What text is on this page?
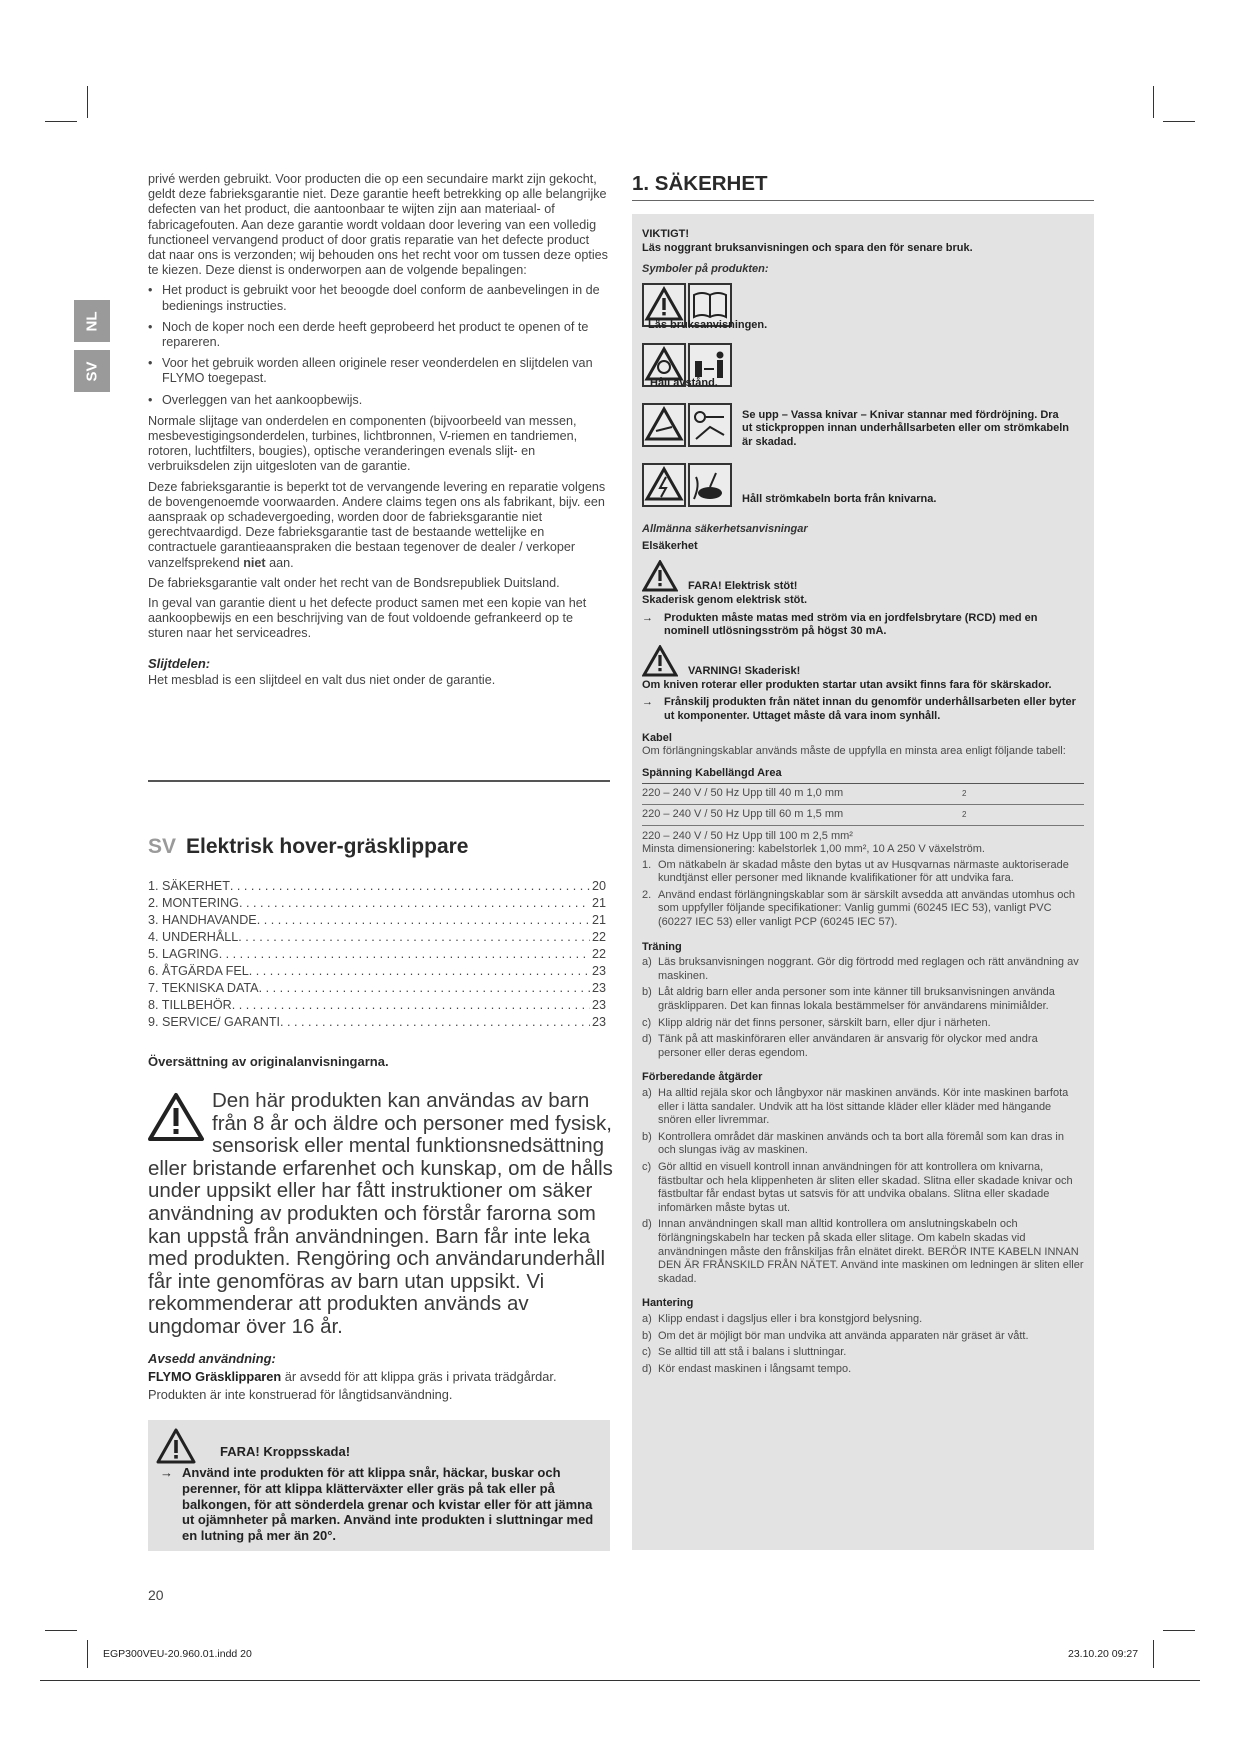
NL
SV

privé werden gebruikt. Voor producten die op een secundaire markt zijn gekocht, geldt deze fabrieksgarantie niet. Deze garantie heeft betrekking op alle belangrijke defecten van het product, die aantoonbaar te wijten zijn aan materiaal- of fabricagefouten. Aan deze garantie wordt voldaan door levering van een volledig functioneel vervangend product of door gratis reparatie van het defecte product dat naar ons is verzonden; wij behouden ons het recht voor om tussen deze opties te kiezen. Deze dienst is onderworpen aan de volgende bepalingen:

• Het product is gebruikt voor het beoogde doel conform de aanbevelingen in de bedienings instructies.
• Noch de koper noch een derde heeft geprobeerd het product te openen of te repareren.
• Voor het gebruik worden alleen originele reser veonderdelen en slijtdelen van FLYMO toegepast.
• Overleggen van het aankoopbewijs.

Normale slijtage van onderdelen en componenten (bijvoorbeeld van messen, mesbevestigingsonderdelen, turbines, lichtbronnen, V-riemen en tandriemen, rotoren, luchtfilters, bougies), optische veranderingen evenals slijt- en verbruiksdelen zijn uitgesloten van de garantie.

Deze fabrieksgarantie is beperkt tot de vervangende levering en reparatie volgens de bovengenoemde voorwaarden. Andere claims tegen ons als fabrikant, bijv. een aanspraak op schadevergoeding, worden door de fabrieksgarantie niet gerechtvaardigd. Deze fabrieksgarantie tast de bestaande wettelijke en contractuele garantieaanspraken die bestaan tegenover de dealer / verkoper vanzelfsprekend niet aan.

De fabrieksgarantie valt onder het recht van de Bondsrepubliek Duitsland.

In geval van garantie dient u het defecte product samen met een kopie van het aankoopbewijs en een beschrijving van de fout voldoende gefrankeerd op te sturen naar het serviceadres.

Slijtdelen:

Het mesblad is een slijtdeel en valt dus niet onder de garantie.

SV Elektrisk hover-gräsklippare
1. SÄKERHET . . .	20
2. MONTERING . . .	21
3. HANDHAVANDE . . .	21
4. UNDERHÅLL . . .	22
5. LAGRING . . .	22
6. ÅTGÄRDA FEL . . .	23
7. TEKNISKA DATA . . .	23
8. TILLBEHÖR . . .	23
9. SERVICE/ GARANTI . . .	23
Översättning av originalanvisningarna.
Den här produkten kan användas av barn från 8 år och äldre och personer med fysisk, sensorisk eller mental funktionsnedsättning eller bristande erfarenhet och kunskap, om de hålls under uppsikt eller har fått instruktioner om säker användning av produkten och förstår farorna som kan uppstå från användningen. Barn får inte leka med produkten. Rengöring och användarunderhåll får inte genomföras av barn utan uppsikt. Vi rekommenderar att produkten används av ungdomar över 16 år.
Avsedd användning:
FLYMO Gräsklipparen är avsedd för att klippa gräs i privata trädgårdar. Produkten är inte konstruerad för långtidsanvändning.
FARA! Kroppsskada!
→ Använd inte produkten för att klippa snår, häckar, buskar och perenner, för att klippa klätterväxter eller gräs på tak eller på balkongen, för att sönderdela grenar och kvistar eller för att jämna ut ojämnheter på marken. Använd inte produkten i sluttningar med en lutning på mer än 20°.
20
EGP300VEU-20.960.01.indd 20	23.10.20 09:27
1. SÄKERHET
VIKTIGT!
Läs noggrant bruksanvisningen och spara den för senare bruk.
Symboler på produkten:
Läs bruksanvisningen.
Håll avstånd.
Se upp – Vassa knivar – Knivar stannar med fördröjning. Dra ut stickproppen innan underhållsarbeten eller om strömkabeln är skadad.
Håll strömkabeln borta från knivarna.
Allmänna säkerhetsanvisningar
Elsäkerhet
FARA! Elektrisk stöt!
Skaderisk genom elektrisk stöt.
→ Produkten måste matas med ström via en jordfelsbrytare (RCD) med en nominell utlösningsström på högst 30 mA.
VARNING! Skaderisk!
Om kniven roterar eller produkten startar utan avsikt finns fara för skärskador.
→ Frånskilj produkten från nätet innan du genomför underhållsarbeten eller byter ut komponenter. Uttaget måste då vara inom synhåll.
Kabel
Om förlängningskablar används måste de uppfylla en minsta area enligt följande tabell:
Spänning Kabellängd Area
220 – 240 V / 50 Hz Upp till 40 m 1,0 mm	2
220 – 240 V / 50 Hz Upp till 60 m 1,5 mm	2
220 – 240 V / 50 Hz Upp till 100 m 2,5 mm²
Minsta dimensionering: kabelstorlek 1,00 mm², 10 A 250 V växelström.
1. Om nätkabeln är skadad måste den bytas ut av Husqvarnas närmaste auktoriserade kundtjänst eller personer med liknande kvalifikationer för att undvika fara.
2. Använd endast förlängningskablar som är särskilt avsedda att användas utomhus och som uppfyller följande specifikationer: Vanlig gummi (60245 IEC 53), vanligt PVC (60227 IEC 53) eller vanligt PCP (60245 IEC 57).
Träning
a) Läs bruksanvisningen noggrant. Gör dig förtrodd med reglagen och rätt användning av maskinen.
b) Låt aldrig barn eller anda personer som inte känner till bruksanvisningen använda gräsklipparen. Det kan finnas lokala bestämmelser för användarens minimiålder.
c) Klipp aldrig när det finns personer, särskilt barn, eller djur i närheten.
d) Tänk på att maskinföraren eller användaren är ansvarig för olyckor med andra personer eller deras egendom.
Förberedande åtgärder
a) Ha alltid rejäla skor och långbyxor när maskinen används. Kör inte maskinen barfota eller i lätta sandaler. Undvik att ha löst sittande kläder eller kläder med hängande snören eller livremmar.
b) Kontrollera området där maskinen används och ta bort alla föremål som kan dras in och slungas iväg av maskinen.
c) Gör alltid en visuell kontroll innan användningen för att kontrollera om knivarna, fästbultar och hela klippenheten är sliten eller skadad. Slitna eller skadade knivar och fästbultar får endast bytas ut satsvis för att undvika obalans. Slitna eller skadade infomärken måste bytas ut.
d) Innan användningen skall man alltid kontrollera om anslutningskabeln och förlängningskabeln har tecken på skada eller slitage. Om kabeln skadas vid användningen måste den frånskiljas från elnätet direkt. BERÖR INTE KABELN INNAN DEN ÄR FRÅNSKILD FRÅN NÄTET. Använd inte maskinen om ledningen är sliten eller skadad.
Hantering
a) Klipp endast i dagsljus eller i bra konstgjord belysning.
b) Om det är möjligt bör man undvika att använda apparaten när gräset är vått.
c) Se alltid till att stå i balans i sluttningar.
d) Kör endast maskinen i långsamt tempo.
